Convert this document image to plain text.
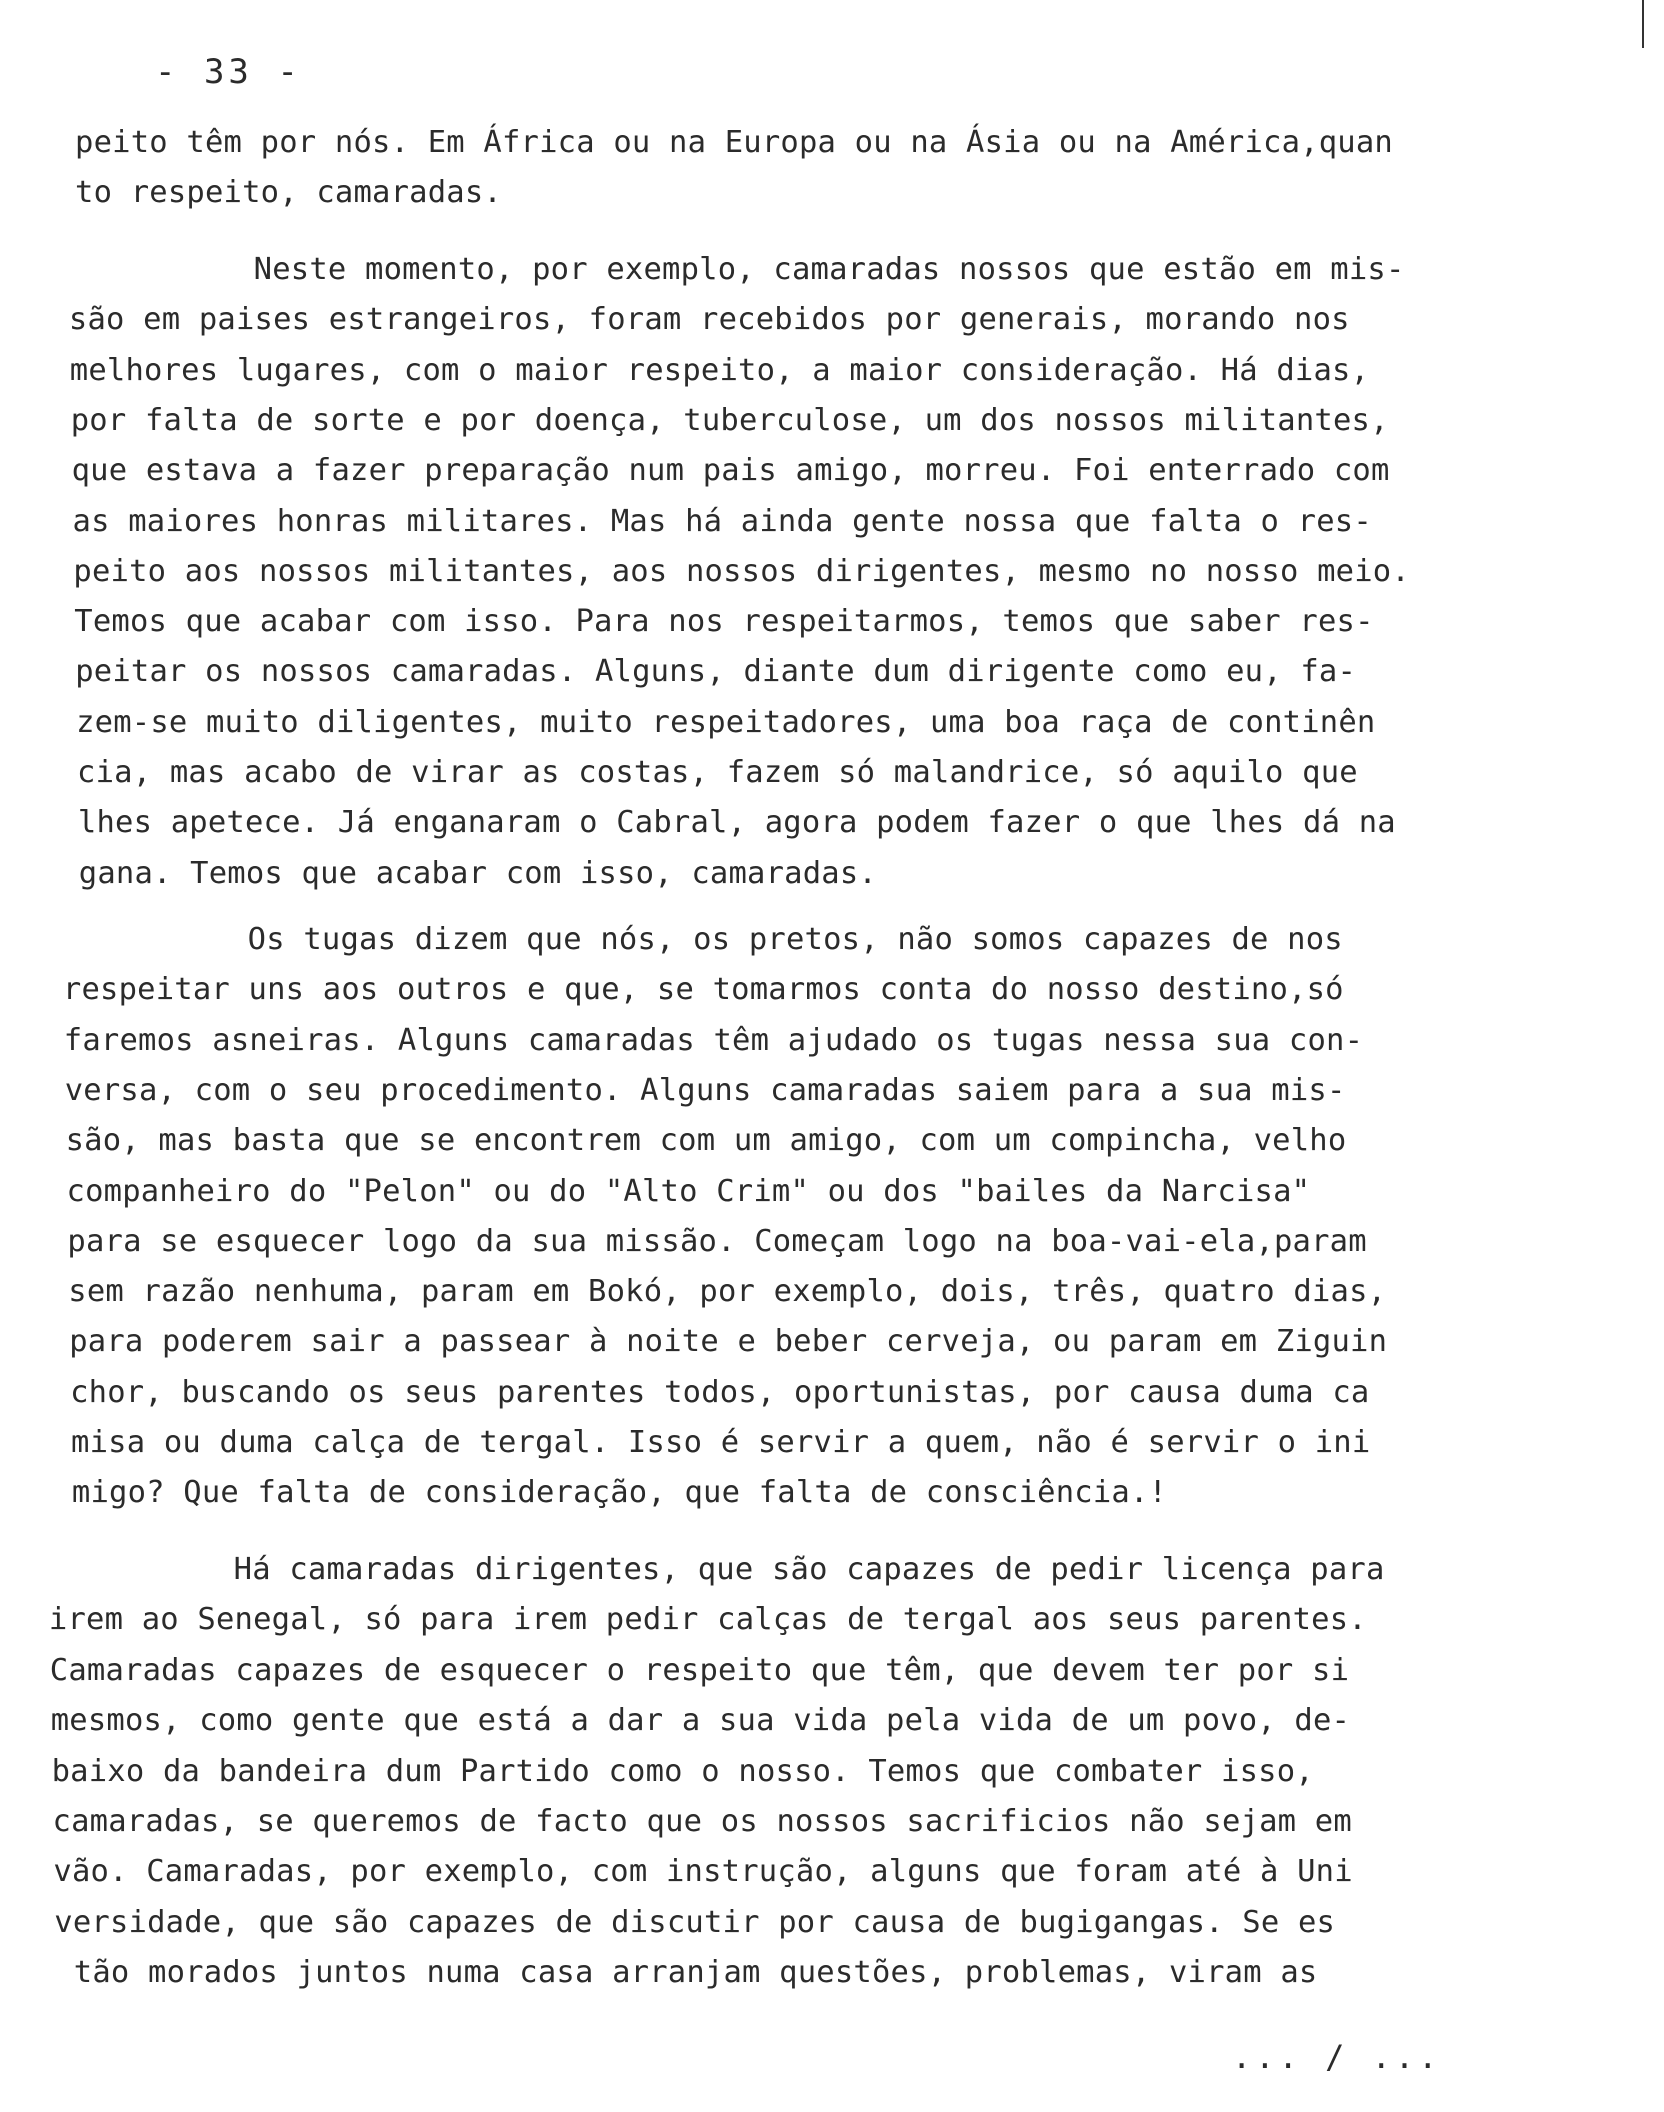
- 33 -
peito têm por nós. Em África ou na Europa ou na Ásia ou na América,quan
to respeito, camaradas.
Neste momento, por exemplo, camaradas nossos que estão em mis-
são em paises estrangeiros, foram recebidos por generais, morando nos
melhores lugares, com o maior respeito, a maior consideração. Há dias,
por falta de sorte e por doença, tuberculose, um dos nossos militantes,
que estava a fazer preparação num pais amigo, morreu. Foi enterrado com
as maiores honras militares. Mas há ainda gente nossa que falta o res-
peito aos nossos militantes, aos nossos dirigentes, mesmo no nosso meio.
Temos que acabar com isso. Para nos respeitarmos, temos que saber res-
peitar os nossos camaradas. Alguns, diante dum dirigente como eu, fa-
zem-se muito diligentes, muito respeitadores, uma boa raça de continên
cia, mas acabo de virar as costas, fazem só malandrice, só aquilo que
lhes apetece. Já enganaram o Cabral, agora podem fazer o que lhes dá na
gana. Temos que acabar com isso, camaradas.
Os tugas dizem que nós, os pretos, não somos capazes de nos
respeitar uns aos outros e que, se tomarmos conta do nosso destino,só
faremos asneiras. Alguns camaradas têm ajudado os tugas nessa sua con-
versa, com o seu procedimento. Alguns camaradas saiem para a sua mis-
são, mas basta que se encontrem com um amigo, com um compincha, velho
companheiro do "Pelon" ou do "Alto Crim" ou dos "bailes da Narcisa"
para se esquecer logo da sua missão. Começam logo na boa-vai-ela,param
sem razão nenhuma, param em Bokó, por exemplo, dois, três, quatro dias,
para poderem sair a passear à noite e beber cerveja, ou param em Ziguin
chor, buscando os seus parentes todos, oportunistas, por causa duma ca
misa ou duma calça de tergal. Isso é servir a quem, não é servir o ini
migo? Que falta de consideração, que falta de consciência.!
Há camaradas dirigentes, que são capazes de pedir licença para
irem ao Senegal, só para irem pedir calças de tergal aos seus parentes.
Camaradas capazes de esquecer o respeito que têm, que devem ter por si
mesmos, como gente que está a dar a sua vida pela vida de um povo, de-
baixo da bandeira dum Partido como o nosso. Temos que combater isso,
camaradas, se queremos de facto que os nossos sacrificios não sejam em
vão. Camaradas, por exemplo, com instrução, alguns que foram até à Uni
versidade, que são capazes de discutir por causa de bugigangas. Se es
tão morados juntos numa casa arranjam questões, problemas, viram as
... / ...
